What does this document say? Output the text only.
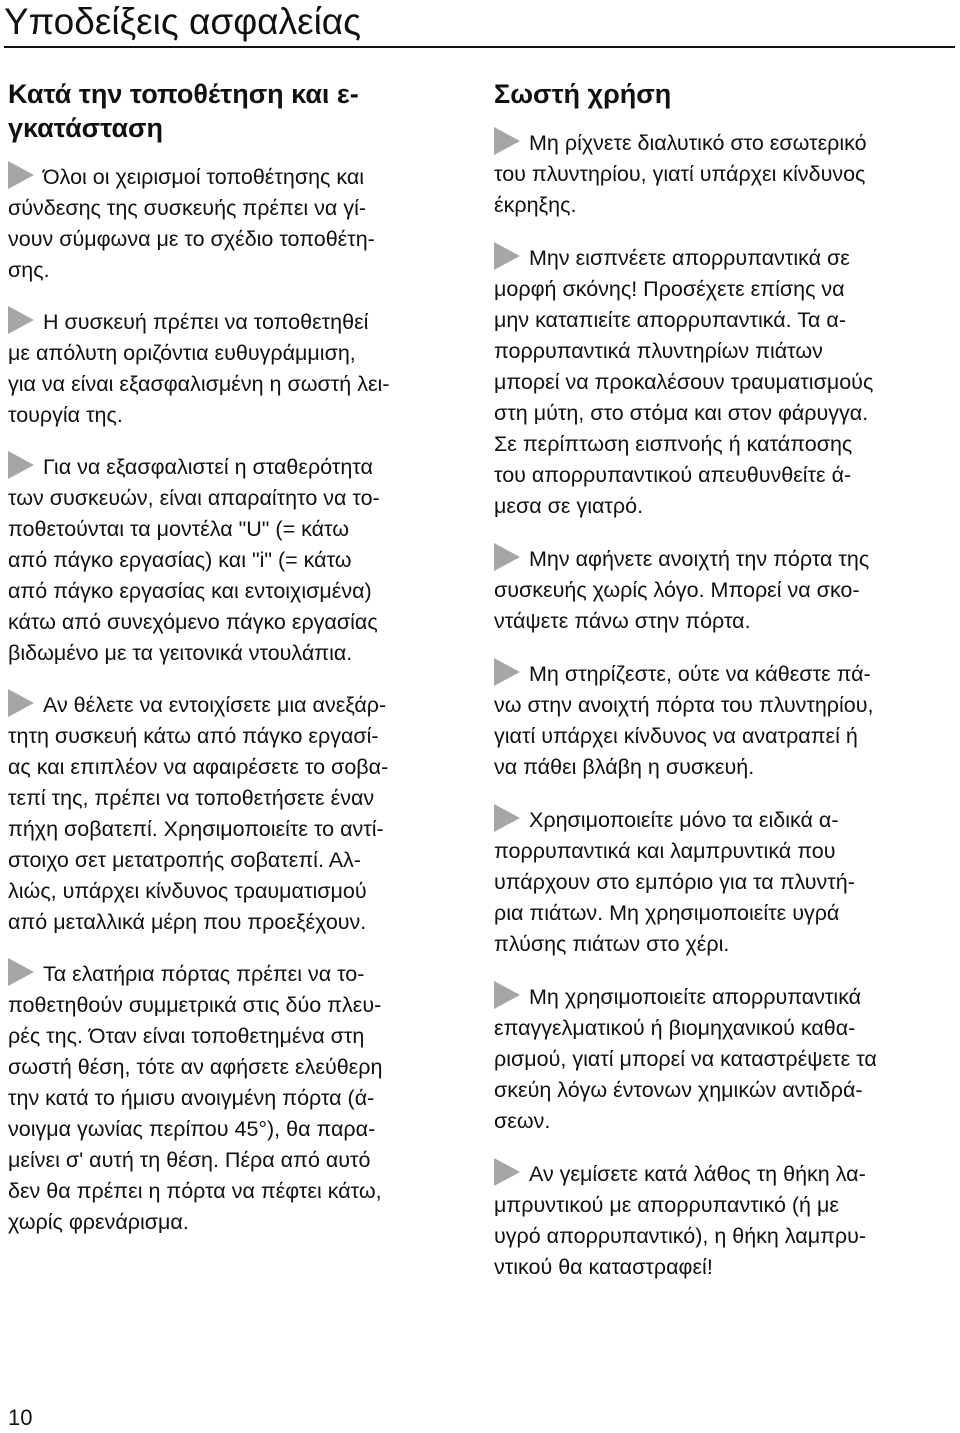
Υποδείξεις ασφαλείας
Κατά την τοποθέτηση και ε-
γκατάσταση

Όλοι οι χειρισμοί τοποθέτησης και
σύνδεσης της συσκευής πρέπει να γί-
νουν σύμφωνα με το σχέδιο τοποθέτη-
σης.

Η συσκευή πρέπει να τοποθετηθεί
με απόλυτη οριζόντια ευθυγράμμιση,
για να είναι εξασφαλισμένη η σωστή λει-
τουργία της.

Για να εξασφαλιστεί η σταθερότητα
των συσκευών, είναι απαραίτητο να το-
ποθετούνται τα μοντέλα "U" (= κάτω
από πάγκο εργασίας) και "i" (= κάτω
από πάγκο εργασίας και εντοιχισμένα)
κάτω από συνεχόμενο πάγκο εργασίας
βιδωμένο με τα γειτονικά ντουλάπια.

Αν θέλετε να εντοιχίσετε μια ανεξάρ-
τητη συσκευή κάτω από πάγκο εργασί-
ας και επιπλέον να αφαιρέσετε το σοβα-
τεπί της, πρέπει να τοποθετήσετε έναν
πήχη σοβατεπί. Χρησιμοποιείτε το αντί-
στοιχο σετ μετατροπής σοβατεπί. Αλ-
λιώς, υπάρχει κίνδυνος τραυματισμού
από μεταλλικά μέρη που προεξέχουν.

Τα ελατήρια πόρτας πρέπει να το-
ποθετηθούν συμμετρικά στις δύο πλευ-
ρές της. Όταν είναι τοποθετημένα στη
σωστή θέση, τότε αν αφήσετε ελεύθερη
την κατά το ήμισυ ανοιγμένη πόρτα (ά-
νοιγμα γωνίας περίπου 45°), θα παρα-
μείνει σ' αυτή τη θέση. Πέρα από αυτό
δεν θα πρέπει η πόρτα να πέφτει κάτω,
χωρίς φρενάρισμα.

Σωστή χρήση

Μη ρίχνετε διαλυτικό στο εσωτερικό
του πλυντηρίου, γιατί υπάρχει κίνδυνος
έκρηξης.

Μην εισπνέετε απορρυπαντικά σε
μορφή σκόνης! Προσέχετε επίσης να
μην καταπιείτε απορρυπαντικά. Τα α-
πορρυπαντικά πλυντηρίων πιάτων
μπορεί να προκαλέσουν τραυματισμούς
στη μύτη, στο στόμα και στον φάρυγγα.
Σε περίπτωση εισπνοής ή κατάποσης
του απορρυπαντικού απευθυνθείτε ά-
μεσα σε γιατρό.

Μην αφήνετε ανοιχτή την πόρτα της
συσκευής χωρίς λόγο. Μπορεί να σκο-
ντάψετε πάνω στην πόρτα.

Μη στηρίζεστε, ούτε να κάθεστε πά-
νω στην ανοιχτή πόρτα του πλυντηρίου,
γιατί υπάρχει κίνδυνος να ανατραπεί ή
να πάθει βλάβη η συσκευή.

Χρησιμοποιείτε μόνο τα ειδικά α-
πορρυπαντικά και λαμπρυντικά που
υπάρχουν στο εμπόριο για τα πλυντή-
ρια πιάτων. Μη χρησιμοποιείτε υγρά
πλύσης πιάτων στο χέρι.

Μη χρησιμοποιείτε απορρυπαντικά
επαγγελματικού ή βιομηχανικού καθα-
ρισμού, γιατί μπορεί να καταστρέψετε τα
σκεύη λόγω έντονων χημικών αντιδρά-
σεων.

Αν γεμίσετε κατά λάθος τη θήκη λα-
μπρυντικού με απορρυπαντικό (ή με
υγρό απορρυπαντικό), η θήκη λαμπρυ-
ντικού θα καταστραφεί!

10
